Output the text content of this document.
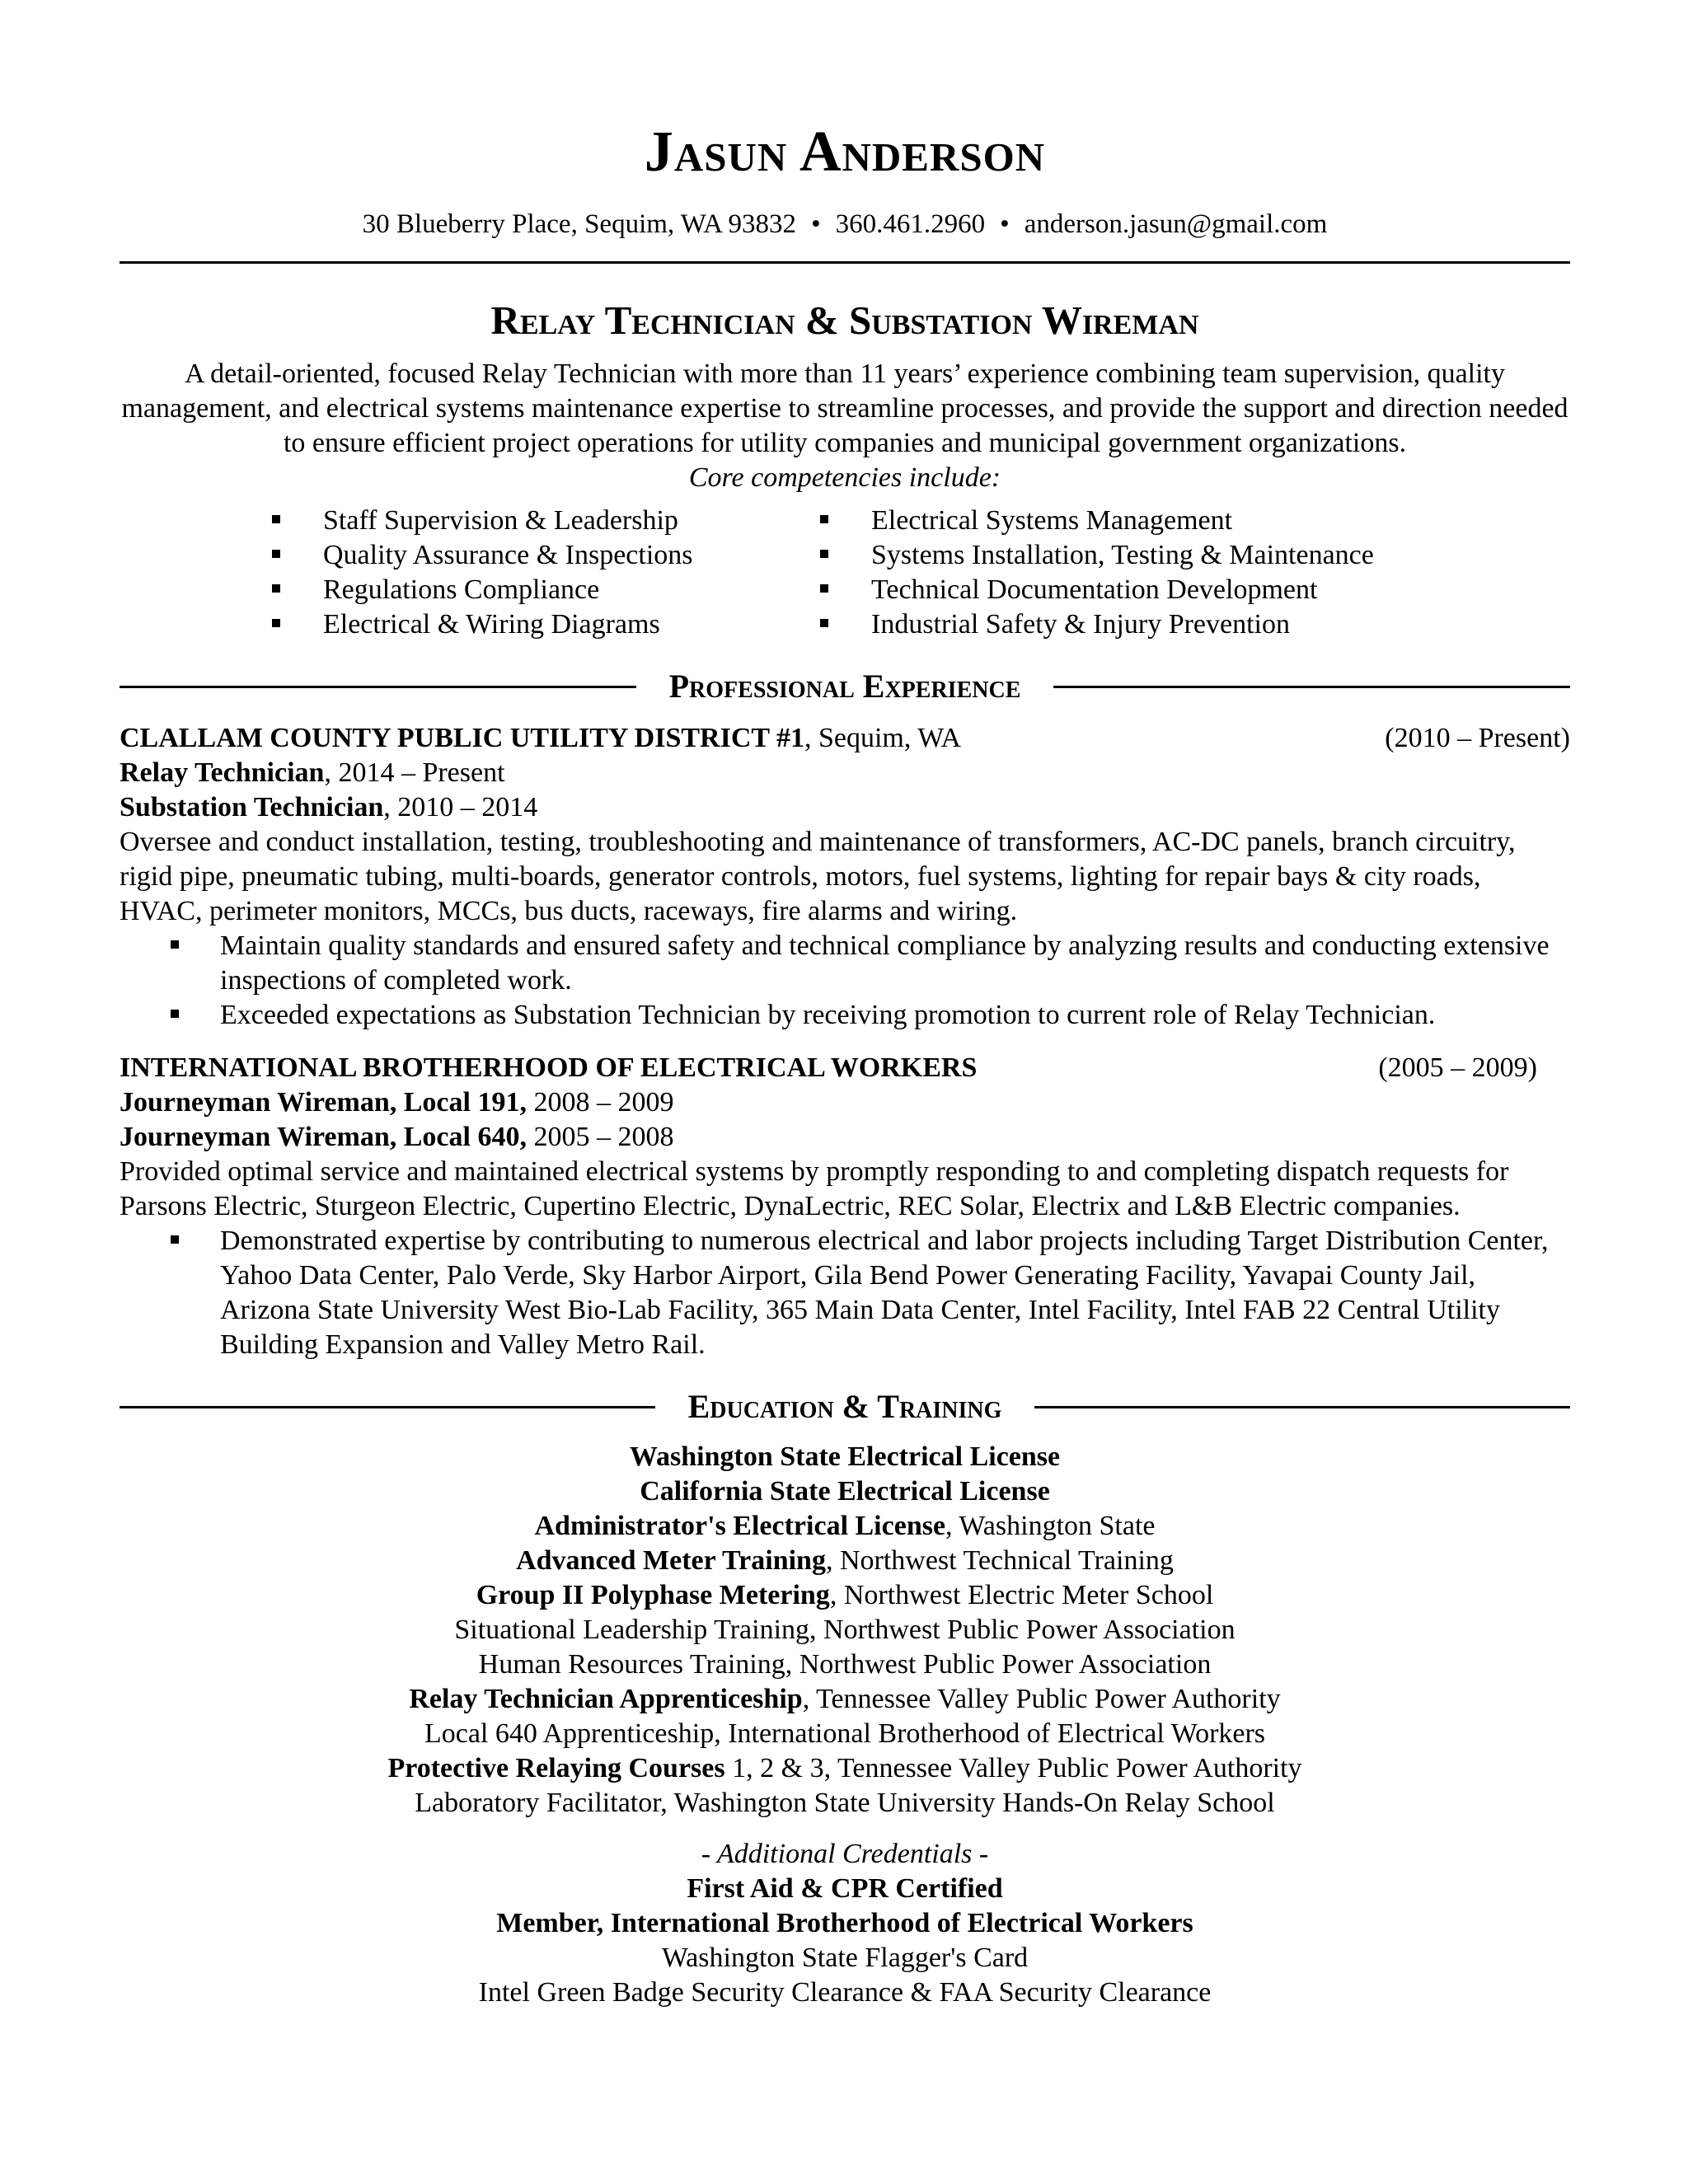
Jasun Anderson
30 Blueberry Place, Sequim, WA 93832 • 360.461.2960 • anderson.jasun@gmail.com
Relay Technician & Substation Wireman

A detail-oriented, focused Relay Technician with more than 11 years’ experience combining team supervision, quality management, and electrical systems maintenance expertise to streamline processes, and provide the support and direction needed to ensure efficient project operations for utility companies and municipal government organizations.

Core competencies include:
Staff Supervision & Leadership
Quality Assurance & Inspections
Regulations Compliance
Electrical & Wiring Diagrams
Electrical Systems Management
Systems Installation, Testing & Maintenance
Technical Documentation Development
Industrial Safety & Injury Prevention
Professional Experience
CLALLAM COUNTY PUBLIC UTILITY DISTRICT #1, Sequim, WA	(2010 – Present)
Relay Technician, 2014 – Present
Substation Technician, 2010 – 2014

Oversee and conduct installation, testing, troubleshooting and maintenance of transformers, AC-DC panels, branch circuitry, rigid pipe, pneumatic tubing, multi-boards, generator controls, motors, fuel systems, lighting for repair bays & city roads, HVAC, perimeter monitors, MCCs, bus ducts, raceways, fire alarms and wiring.

Maintain quality standards and ensured safety and technical compliance by analyzing results and conducting extensive inspections of completed work.
Exceeded expectations as Substation Technician by receiving promotion to current role of Relay Technician.
INTERNATIONAL BROTHERHOOD OF ELECTRICAL WORKERS	(2005 – 2009)
Journeyman Wireman, Local 191, 2008 – 2009
Journeyman Wireman, Local 640, 2005 – 2008

Provided optimal service and maintained electrical systems by promptly responding to and completing dispatch requests for Parsons Electric, Sturgeon Electric, Cupertino Electric, DynaLectric, REC Solar, Electrix and L&B Electric companies.

Demonstrated expertise by contributing to numerous electrical and labor projects including Target Distribution Center, Yahoo Data Center, Palo Verde, Sky Harbor Airport, Gila Bend Power Generating Facility, Yavapai County Jail, Arizona State University West Bio-Lab Facility, 365 Main Data Center, Intel Facility, Intel FAB 22 Central Utility Building Expansion and Valley Metro Rail.
Education & Training
Washington State Electrical License
California State Electrical License
Administrator's Electrical License, Washington State
Advanced Meter Training, Northwest Technical Training
Group II Polyphase Metering, Northwest Electric Meter School
Situational Leadership Training, Northwest Public Power Association
Human Resources Training, Northwest Public Power Association
Relay Technician Apprenticeship, Tennessee Valley Public Power Authority
Local 640 Apprenticeship, International Brotherhood of Electrical Workers
Protective Relaying Courses 1, 2 & 3, Tennessee Valley Public Power Authority
Laboratory Facilitator, Washington State University Hands-On Relay School
- Additional Credentials -
First Aid & CPR Certified
Member, International Brotherhood of Electrical Workers
Washington State Flagger's Card
Intel Green Badge Security Clearance & FAA Security Clearance
